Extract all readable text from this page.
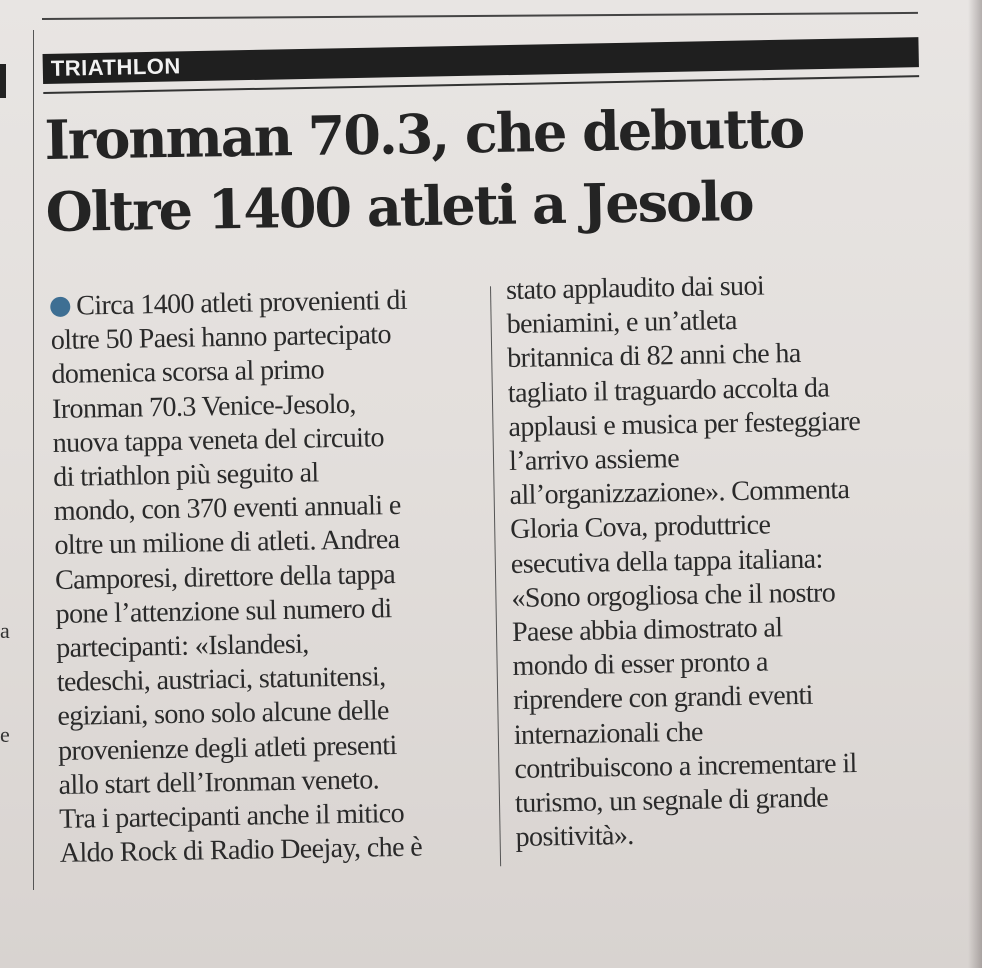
a
e
TRIATHLON
Ironman 70.3, che debutto
Oltre 1400 atleti a Jesolo
Circa 1400 atleti provenienti di
oltre 50 Paesi hanno partecipato
domenica scorsa al primo
Ironman 70.3 Venice-Jesolo,
nuova tappa veneta del circuito
di triathlon più seguito al
mondo, con 370 eventi annuali e
oltre un milione di atleti. Andrea
Camporesi, direttore della tappa
pone l’attenzione sul numero di
partecipanti: «Islandesi,
tedeschi, austriaci, statunitensi,
egiziani, sono solo alcune delle
provenienze degli atleti presenti
allo start dell’Ironman veneto.
Tra i partecipanti anche il mitico
Aldo Rock di Radio Deejay, che è
stato applaudito dai suoi
beniamini, e un’atleta
britannica di 82 anni che ha
tagliato il traguardo accolta da
applausi e musica per festeggiare
l’arrivo assieme
all’organizzazione». Commenta
Gloria Cova, produttrice
esecutiva della tappa italiana:
«Sono orgogliosa che il nostro
Paese abbia dimostrato al
mondo di esser pronto a
riprendere con grandi eventi
internazionali che
contribuiscono a incrementare il
turismo, un segnale di grande
positività».
